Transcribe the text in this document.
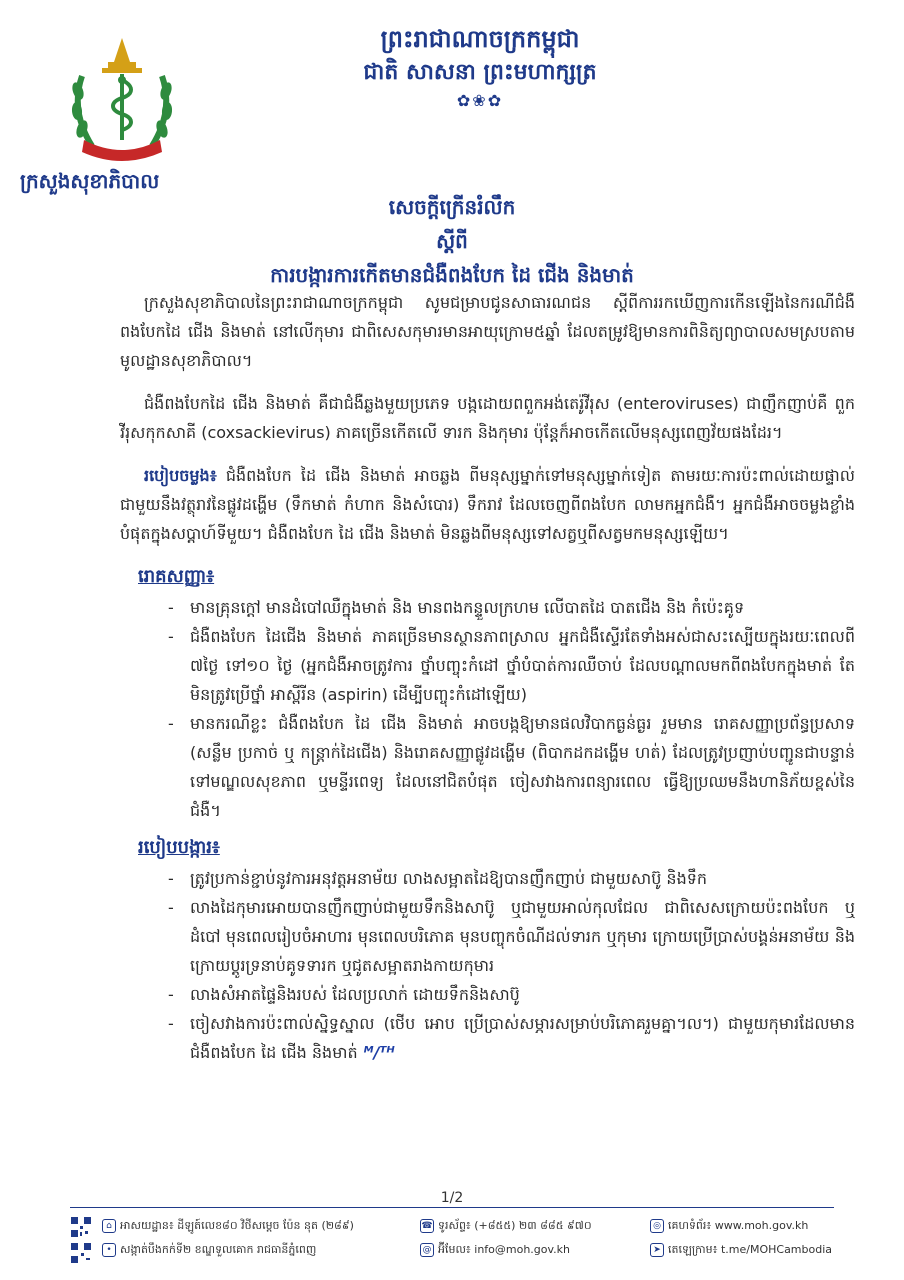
ព្រះរាជាណាចក្រកម្ពុជា
ជាតិ សាសនា ព្រះមហាក្សត្រ
✿❀✿
ក្រសួងសុខាភិបាល
សេចក្ដីក្រើនរំលឹក
ស្ដីពី
ការបង្ការការកើតមានជំងឺពងបែក ដៃ ជើង និងមាត់

ក្រសួងសុខាភិបាលនៃព្រះរាជាណាចក្រកម្ពុជា សូមជម្រាបជូនសាធារណជន ស្ដីពីការរកឃើញការកើនឡើងនៃករណីជំងឺពងបែកដៃ ជើង និងមាត់ នៅលើកុមារ ជាពិសេសកុមារមានអាយុក្រោម៥ឆ្នាំ ដែលតម្រូវឱ្យមានការពិនិត្យព្យាបាលសមស្របតាមមូលដ្ឋានសុខាភិបាល។

ជំងឺពងបែកដៃ ជើង និងមាត់ គឺជាជំងឺឆ្លងមួយប្រភេទ បង្កដោយពពួកអង់តេរ៉ូវីរុស (enteroviruses) ជាញឹកញាប់គឺ ពួកវីរុសកុកសាគី (coxsackievirus) ភាគច្រើនកើតលើ ទារក និងកុមារ ប៉ុន្តែក៏អាចកើតលើមនុស្សពេញវ័យផងដែរ។

របៀបចម្លង៖ ជំងឺពងបែក ដៃ ជើង និងមាត់ អាចឆ្លង ពីមនុស្សម្នាក់ទៅមនុស្សម្នាក់ទៀត តាមរយៈការប៉ះពាល់ដោយផ្ទាល់ជាមួយនឹងវត្ថុរាវនៃផ្លូវដង្ហើម (ទឹកមាត់ កំហាក និងសំបោរ) ទឹករាវ ដែលចេញពីពងបែក លាមកអ្នកជំងឺ។ អ្នកជំងឺអាចចម្លងខ្លាំងបំផុតក្នុងសប្ដាហ៍ទីមួយ។ ជំងឺពងបែក ដៃ ជើង និងមាត់ មិនឆ្លងពីមនុស្សទៅសត្វឬពីសត្វមកមនុស្សឡើយ។

រោគសញ្ញា៖
- មានគ្រុនក្ដៅ មានដំបៅឈឺក្នុងមាត់ និង មានពងកន្ទួលក្រហម លើបាតដៃ បាតជើង និង កំប៉េះគូទ
- ជំងឺពងបែក ដៃជើង និងមាត់ ភាគច្រើនមានស្ថានភាពស្រាល អ្នកជំងឺស្ទើរតែទាំងអស់ជាសះស្បើយក្នុងរយៈពេលពី ៧ថ្ងៃ ទៅ១០ ថ្ងៃ (អ្នកជំងឺអាចត្រូវការ ថ្នាំបញ្ចុះកំដៅ ថ្នាំបំបាត់ការឈឺចាប់ ដែលបណ្ដាលមកពីពងបែកក្នុងមាត់ តែមិនត្រូវប្រើថ្នាំ អាស្ពីរីន (aspirin) ដើម្បីបញ្ចុះកំដៅឡើយ)
- មានករណីខ្លះ ជំងឺពងបែក ដៃ ជើង និងមាត់ អាចបង្កឱ្យមានផលវិបាកធ្ងន់ធ្ងរ រួមមាន រោគសញ្ញាប្រព័ន្ធប្រសាទ (សន្លឹម ប្រកាច់ ឬ កន្ត្រាក់ដៃជើង) និងរោគសញ្ញាផ្លូវដង្ហើម (ពិបាកដកដង្ហើម ហត់) ដែលត្រូវប្រញាប់បញ្ជូនជាបន្ទាន់ ទៅមណ្ឌលសុខភាព ឬមន្ទីរពេទ្យ ដែលនៅជិតបំផុត ចៀសវាងការពន្យារពេល ធ្វើឱ្យប្រឈមនឹងហានិភ័យខ្ពស់នៃជំងឺ។
របៀបបង្ការ៖
- ត្រូវប្រកាន់ខ្ជាប់នូវការអនុវត្តអនាម័យ លាងសម្អាតដៃឱ្យបានញឹកញាប់ ជាមួយសាប៊ូ និងទឹក
- លាងដៃកុមារអោយបានញឹកញាប់ជាមួយទឹកនិងសាប៊ូ ឬជាមួយអាល់កុលជែល ជាពិសេសក្រោយប៉ះពងបែក ឬ ដំបៅ មុនពេលរៀបចំអាហារ មុនពេលបរិភោគ មុនបញ្ចុកចំណីដល់ទារក ឬកុមារ ក្រោយប្រើប្រាស់បង្គន់អនាម័យ និងក្រោយប្ដូរទ្រនាប់គូទទារក ឬជូតសម្អាតរាងកាយកុមារ
- លាងសំអាតផ្ទៃនិងរបស់ ដែលប្រលាក់ ដោយទឹកនិងសាប៊ូ
- ចៀសវាងការប៉ះពាល់ស្និទ្ធស្នាល (ថើប អោប ប្រើប្រាស់សម្ភារសម្រាប់បរិភោគរួមគ្នា។ល។) ជាមួយកុមារដែលមានជំងឺពងបែក ដៃ ជើង និងមាត់ ᴹ/ᵀᴴ
1/2
⌂ អាសយដ្ឋាន៖ ដីឡូត៍លេខ៨០ វិថីសម្ដេច ប៉ែន នុត (២៨៩)
• សង្កាត់បឹងកក់ទី២ ខណ្ឌទួលគោក រាជធានីភ្នំពេញ
☎ ទូរស័ព្ទ៖ (+៨៥៥) ២៣ ៨៨៥ ៩៧០
@ អ៊ីមែល៖ info@moh.gov.kh
◎ គេហទំព័រ៖ www.moh.gov.kh
➤ តេឡេក្រាម៖ t.me/MOHCambodia
